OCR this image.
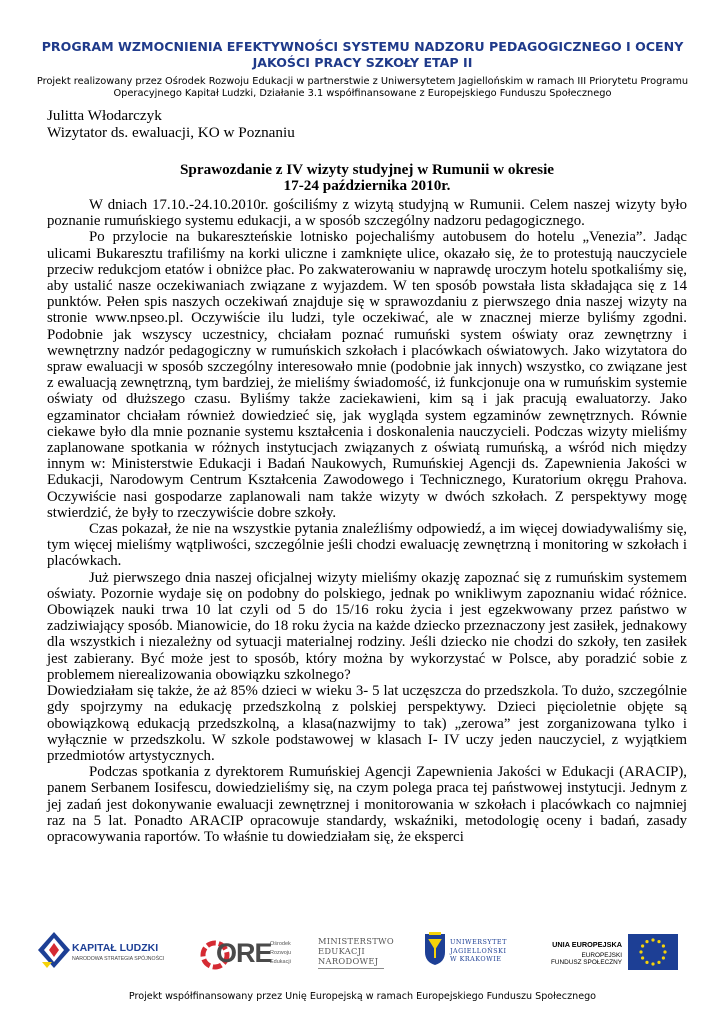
PROGRAM WZMOCNIENIA EFEKTYWNOŚCI SYSTEMU NADZORU PEDAGOGICZNEGO I OCENY JAKOŚCI PRACY SZKOŁY ETAP II
Projekt realizowany przez Ośrodek Rozwoju Edukacji w partnerstwie z Uniwersytetem Jagiellońskim w ramach III Priorytetu Programu Operacyjnego Kapitał Ludzki, Działanie 3.1 współfinansowane z Europejskiego Funduszu Społecznego
Julitta Włodarczyk
Wizytator ds. ewaluacji, KO w Poznaniu
Sprawozdanie z IV wizyty studyjnej w Rumunii w okresie
17-24 października 2010r.

W dniach 17.10.-24.10.2010r. gościliśmy z wizytą studyjną w Rumunii. Celem naszej wizyty było poznanie rumuńskiego systemu edukacji, a w sposób szczególny nadzoru pedagogicznego.

Po przylocie na bukareszteńskie lotnisko pojechaliśmy autobusem do hotelu „Venezia”. Jadąc ulicami Bukaresztu trafiliśmy na korki uliczne i zamknięte ulice, okazało się, że to protestują nauczyciele przeciw redukcjom etatów i obniżce płac. Po zakwaterowaniu w naprawdę uroczym hotelu spotkaliśmy się, aby ustalić nasze oczekiwaniach związane z wyjazdem. W ten sposób powstała lista składająca się z 14 punktów. Pełen spis naszych oczekiwań znajduje się w sprawozdaniu z pierwszego dnia naszej wizyty na stronie www.npseo.pl. Oczywiście ilu ludzi, tyle oczekiwać, ale w znacznej mierze byliśmy zgodni. Podobnie jak wszyscy uczestnicy, chciałam poznać rumuński system oświaty oraz zewnętrzny i wewnętrzny nadzór pedagogiczny w rumuńskich szkołach i placówkach oświatowych. Jako wizytatora do spraw ewaluacji w sposób szczególny interesowało mnie (podobnie jak innych) wszystko, co związane jest z ewaluacją zewnętrzną, tym bardziej, że mieliśmy świadomość, iż funkcjonuje ona w rumuńskim systemie oświaty od dłuższego czasu. Byliśmy także zaciekawieni, kim są i jak pracują ewaluatorzy. Jako egzaminator chciałam również dowiedzieć się, jak wygląda system egzaminów zewnętrznych. Równie ciekawe było dla mnie poznanie systemu kształcenia i doskonalenia nauczycieli. Podczas wizyty mieliśmy zaplanowane spotkania w różnych instytucjach związanych z oświatą rumuńską, a wśród nich między innym w: Ministerstwie Edukacji i Badań Naukowych, Rumuńskiej Agencji ds. Zapewnienia Jakości w Edukacji, Narodowym Centrum Kształcenia Zawodowego i Technicznego, Kuratorium okręgu Prahova. Oczywiście nasi gospodarze zaplanowali nam także wizyty w dwóch szkołach. Z perspektywy mogę stwierdzić, że były to rzeczywiście dobre szkoły.

Czas pokazał, że nie na wszystkie pytania znaleźliśmy odpowiedź, a im więcej dowiadywaliśmy się, tym więcej mieliśmy wątpliwości, szczególnie jeśli chodzi ewaluację zewnętrzną i monitoring w szkołach i placówkach.

Już pierwszego dnia naszej oficjalnej wizyty mieliśmy okazję zapoznać się z rumuńskim systemem oświaty. Pozornie wydaje się on podobny do polskiego, jednak po wnikliwym zapoznaniu widać różnice. Obowiązek nauki trwa 10 lat czyli od 5 do 15/16 roku życia i jest egzekwowany przez państwo w zadziwiający sposób. Mianowicie, do 18 roku życia na każde dziecko przeznaczony jest zasiłek, jednakowy dla wszystkich i niezależny od sytuacji materialnej rodziny. Jeśli dziecko nie chodzi do szkoły, ten zasiłek jest zabierany. Być może jest to sposób, który można by wykorzystać w Polsce, aby poradzić sobie z problemem nierealizowania obowiązku szkolnego?

Dowiedziałam się także, że aż 85% dzieci w wieku 3- 5 lat uczęszcza do przedszkola. To dużo, szczególnie gdy spojrzymy na edukację przedszkolną z polskiej perspektywy. Dzieci pięcioletnie objęte są obowiązkową edukacją przedszkolną, a klasa(nazwijmy to tak) „zerowa” jest zorganizowana tylko i wyłącznie w przedszkolu. W szkole podstawowej w klasach I- IV uczy jeden nauczyciel, z wyjątkiem przedmiotów artystycznych.

Podczas spotkania z dyrektorem Rumuńskiej Agencji Zapewnienia Jakości w Edukacji (ARACIP), panem Serbanem Iosifescu, dowiedzieliśmy się, na czym polega praca tej państwowej instytucji. Jednym z jej zadań jest dokonywanie ewaluacji zewnętrznej i monitorowania w szkołach i placówkach co najmniej raz na 5 lat. Ponadto ARACIP opracowuje standardy, wskaźniki, metodologię oceny i badań, zasady opracowywania raportów. To właśnie tu dowiedziałam się, że eksperci

KAPITAŁ LUDZKI
NARODOWA STRATEGIA SPÓJNOŚCI	ORE
Ośrodek
Rozwoju
Edukacji
MINISTERSTWO
EDUKACJI
NARODOWEJ
UNIWERSYTET
JAGIELLOŃSKI
W KRAKOWIE
UNIA EUROPEJSKA
EUROPEJSKI
FUNDUSZ SPOŁECZNY
Projekt współfinansowany przez Unię Europejską w ramach Europejskiego Funduszu Społecznego
